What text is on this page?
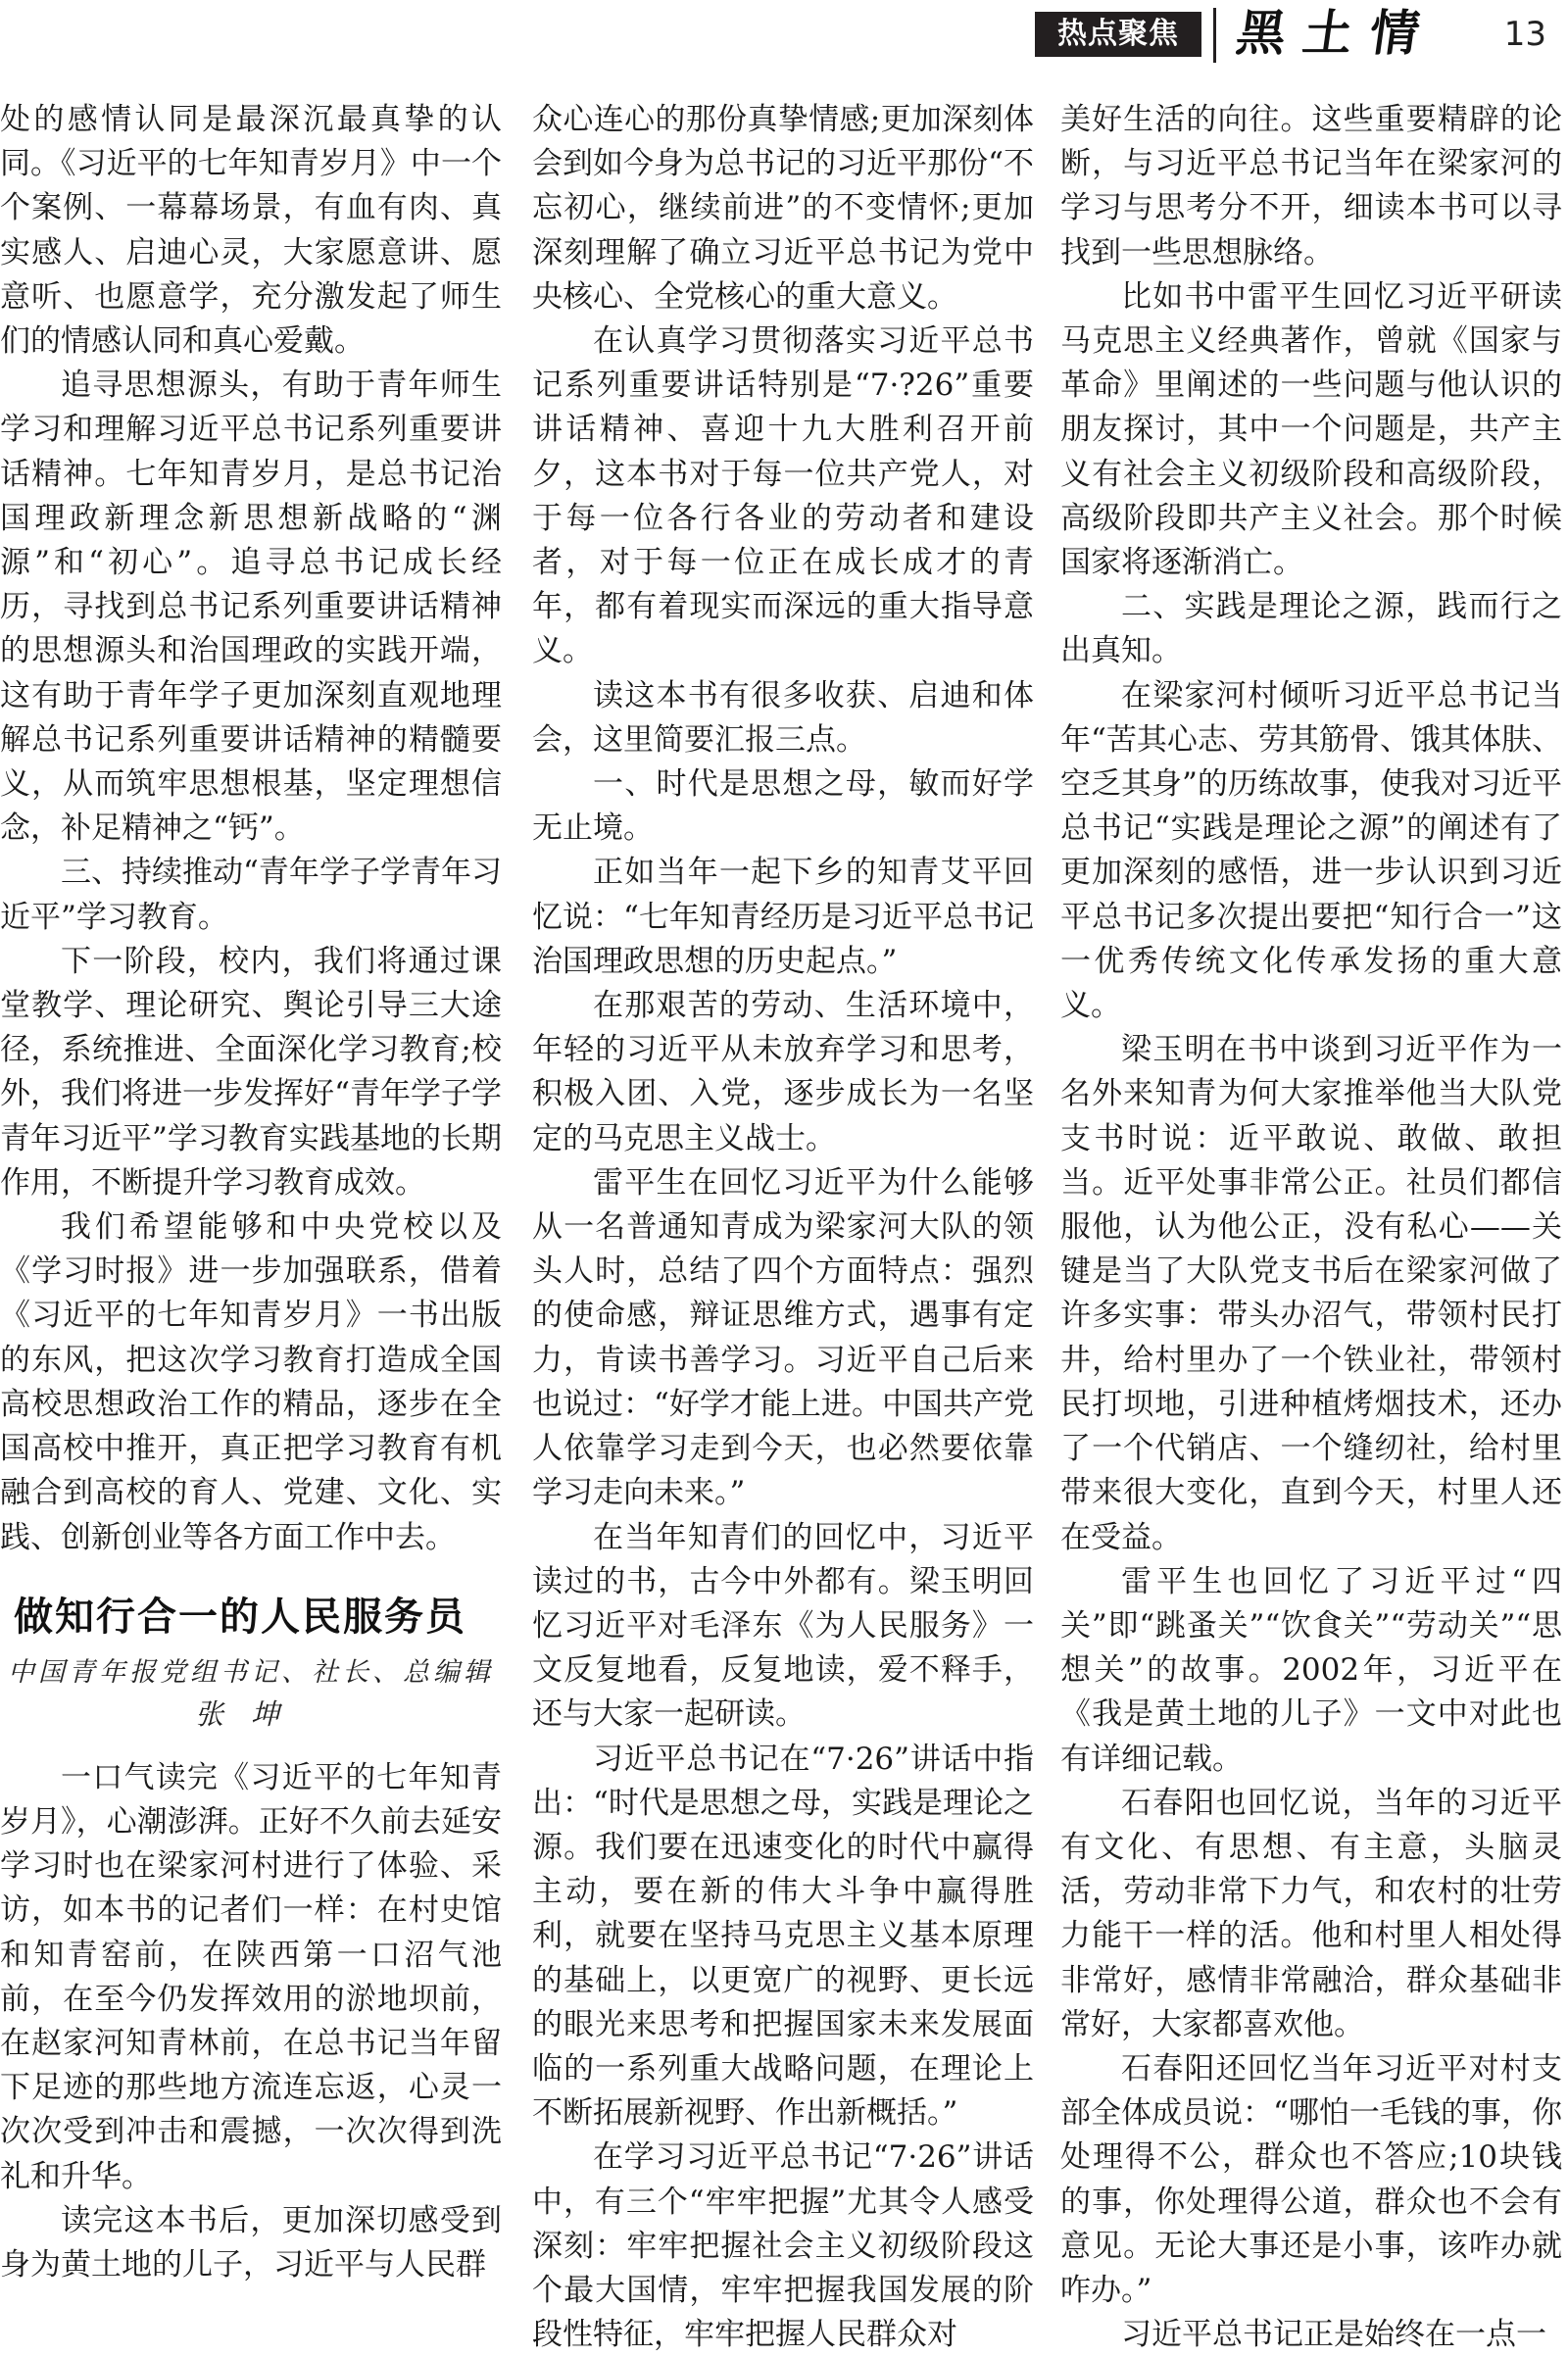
热点聚焦	黑土情 13

处的感情认同是最深沉最真挚的认同。《习近平的七年知青岁月》中一个个案例、一幕幕场景，有血有肉、真实感人、启迪心灵，大家愿意讲、愿意听、也愿意学，充分激发起了师生们的情感认同和真心爱戴。

追寻思想源头，有助于青年师生学习和理解习近平总书记系列重要讲话精神。七年知青岁月，是总书记治国理政新理念新思想新战略的“渊源”和“初心”。追寻总书记成长经历，寻找到总书记系列重要讲话精神的思想源头和治国理政的实践开端，这有助于青年学子更加深刻直观地理解总书记系列重要讲话精神的精髓要义，从而筑牢思想根基，坚定理想信念，补足精神之“钙”。

三、持续推动“青年学子学青年习近平”学习教育。

下一阶段，校内，我们将通过课堂教学、理论研究、舆论引导三大途径，系统推进、全面深化学习教育;校外，我们将进一步发挥好“青年学子学青年习近平”学习教育实践基地的长期作用，不断提升学习教育成效。

我们希望能够和中央党校以及《学习时报》进一步加强联系，借着《习近平的七年知青岁月》一书出版的东风，把这次学习教育打造成全国高校思想政治工作的精品，逐步在全国高校中推开，真正把学习教育有机融合到高校的育人、党建、文化、实践、创新创业等各方面工作中去。

做知行合一的人民服务员
中国青年报党组书记、社长、总编辑
张坤

一口气读完《习近平的七年知青岁月》，心潮澎湃。正好不久前去延安学习时也在梁家河村进行了体验、采访，如本书的记者们一样：在村史馆和知青窑前，在陕西第一口沼气池前，在至今仍发挥效用的淤地坝前，在赵家河知青林前，在总书记当年留下足迹的那些地方流连忘返，心灵一次次受到冲击和震撼，一次次得到洗礼和升华。

读完这本书后，更加深切感受到身为黄土地的儿子，习近平与人民群

众心连心的那份真挚情感;更加深刻体会到如今身为总书记的习近平那份“不忘初心，继续前进”的不变情怀;更加深刻理解了确立习近平总书记为党中央核心、全党核心的重大意义。

在认真学习贯彻落实习近平总书记系列重要讲话特别是“7·?26”重要讲话精神、喜迎十九大胜利召开前夕，这本书对于每一位共产党人，对于每一位各行各业的劳动者和建设者，对于每一位正在成长成才的青年，都有着现实而深远的重大指导意义。

读这本书有很多收获、启迪和体会，这里简要汇报三点。

一、时代是思想之母，敏而好学无止境。

正如当年一起下乡的知青艾平回忆说：“七年知青经历是习近平总书记治国理政思想的历史起点。”

在那艰苦的劳动、生活环境中，年轻的习近平从未放弃学习和思考，积极入团、入党，逐步成长为一名坚定的马克思主义战士。

雷平生在回忆习近平为什么能够从一名普通知青成为梁家河大队的领头人时，总结了四个方面特点：强烈的使命感，辩证思维方式，遇事有定力，肯读书善学习。习近平自己后来也说过：“好学才能上进。中国共产党人依靠学习走到今天，也必然要依靠学习走向未来。”

在当年知青们的回忆中，习近平读过的书，古今中外都有。梁玉明回忆习近平对毛泽东《为人民服务》一文反复地看，反复地读，爱不释手，还与大家一起研读。

习近平总书记在“7·26”讲话中指出：“时代是思想之母，实践是理论之源。我们要在迅速变化的时代中赢得主动，要在新的伟大斗争中赢得胜利，就要在坚持马克思主义基本原理的基础上，以更宽广的视野、更长远的眼光来思考和把握国家未来发展面临的一系列重大战略问题，在理论上不断拓展新视野、作出新概括。”

在学习习近平总书记“7·26”讲话中，有三个“牢牢把握”尤其令人感受深刻：牢牢把握社会主义初级阶段这个最大国情，牢牢把握我国发展的阶段性特征，牢牢把握人民群众对

美好生活的向往。这些重要精辟的论断，与习近平总书记当年在梁家河的学习与思考分不开，细读本书可以寻找到一些思想脉络。

比如书中雷平生回忆习近平研读马克思主义经典著作，曾就《国家与革命》里阐述的一些问题与他认识的朋友探讨，其中一个问题是，共产主义有社会主义初级阶段和高级阶段，高级阶段即共产主义社会。那个时候国家将逐渐消亡。

二、实践是理论之源，践而行之出真知。

在梁家河村倾听习近平总书记当年“苦其心志、劳其筋骨、饿其体肤、空乏其身”的历练故事，使我对习近平总书记“实践是理论之源”的阐述有了更加深刻的感悟，进一步认识到习近平总书记多次提出要把“知行合一”这一优秀传统文化传承发扬的重大意义。

梁玉明在书中谈到习近平作为一名外来知青为何大家推举他当大队党支书时说：近平敢说、敢做、敢担当。近平处事非常公正。社员们都信服他，认为他公正，没有私心——关键是当了大队党支书后在梁家河做了许多实事：带头办沼气，带领村民打井，给村里办了一个铁业社，带领村民打坝地，引进种植烤烟技术，还办了一个代销店、一个缝纫社，给村里带来很大变化，直到今天，村里人还在受益。

雷平生也回忆了习近平过“四关”即“跳蚤关”“饮食关”“劳动关”“思想关”的故事。2002年，习近平在《我是黄土地的儿子》一文中对此也有详细记载。

石春阳也回忆说，当年的习近平有文化、有思想、有主意，头脑灵活，劳动非常下力气，和农村的壮劳力能干一样的活。他和村里人相处得非常好，感情非常融洽，群众基础非常好，大家都喜欢他。

石春阳还回忆当年习近平对村支部全体成员说：“哪怕一毛钱的事，你处理得不公，群众也不答应;10块钱的事，你处理得公道，群众也不会有意见。无论大事还是小事，该咋办就咋办。”

习近平总书记正是始终在一点一
